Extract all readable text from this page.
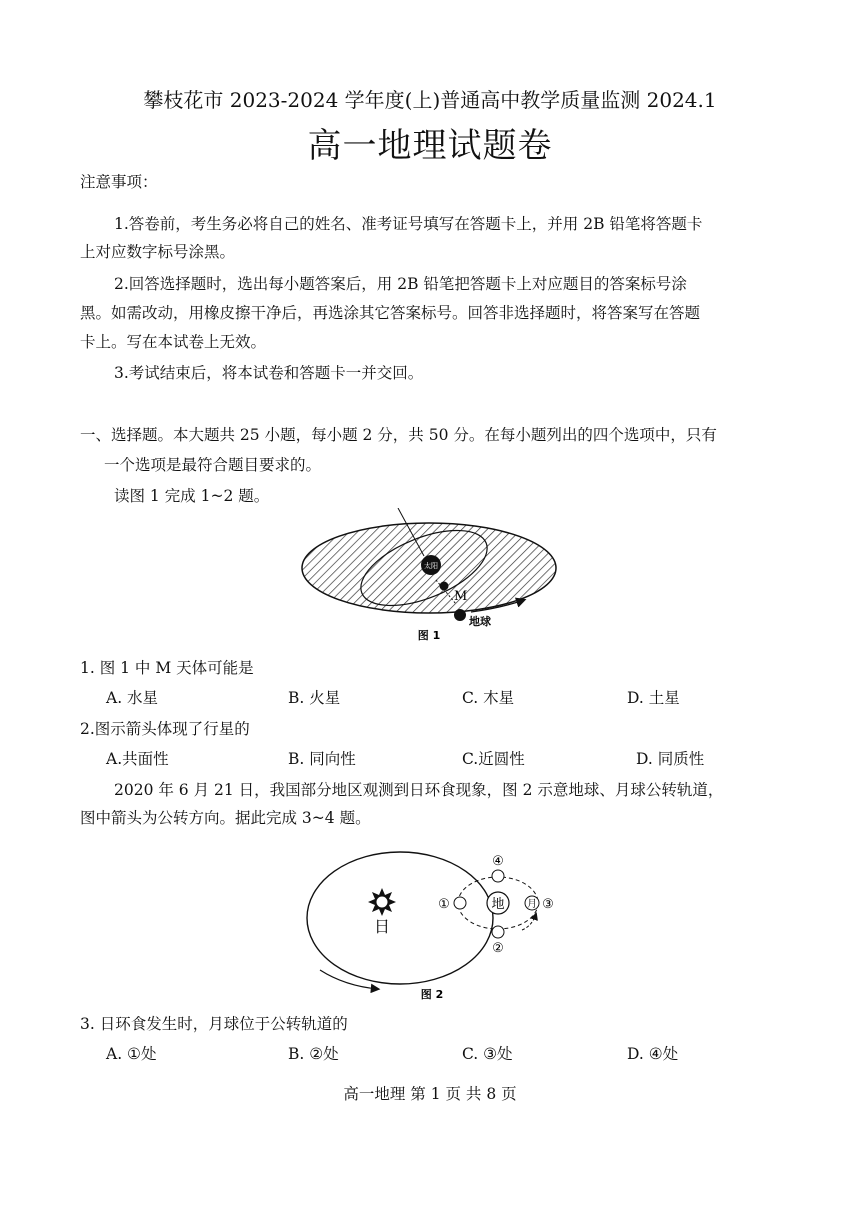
攀枝花市 2023-2024 学年度(上)普通高中教学质量监测 2024.1
高一地理试题卷
注意事项：
1.答卷前，考生务必将自己的姓名、准考证号填写在答题卡上，并用 2B 铅笔将答题卡
上对应数字标号涂黑。
2.回答选择题时，选出每小题答案后，用 2B 铅笔把答题卡上对应题目的答案标号涂
黑。如需改动，用橡皮擦干净后，再选涂其它答案标号。回答非选择题时，将答案写在答题
卡上。写在本试卷上无效。
3.考试结束后，将本试卷和答题卡一并交回。
一、选择题。本大题共 25 小题，每小题 2 分，共 50 分。在每小题列出的四个选项中，只有
一个选项是最符合题目要求的。
读图 1 完成 1~2 题。
太阳
M
地球
图 1
1. 图 1 中 M 天体可能是
A. 水星	B. 火星	C. 木星	D. 土星
2.图示箭头体现了行星的
A.共面性	B. 同向性	C.近圆性	D. 同质性
2020 年 6 月 21 日，我国部分地区观测到日环食现象，图 2 示意地球、月球公转轨道，
图中箭头为公转方向。据此完成 3~4 题。
日
地
①
②
月 ③
④
图 2
3. 日环食发生时，月球位于公转轨道的
A. ①处	B. ②处	C. ③处	D. ④处
高一地理 第 1 页 共 8 页
